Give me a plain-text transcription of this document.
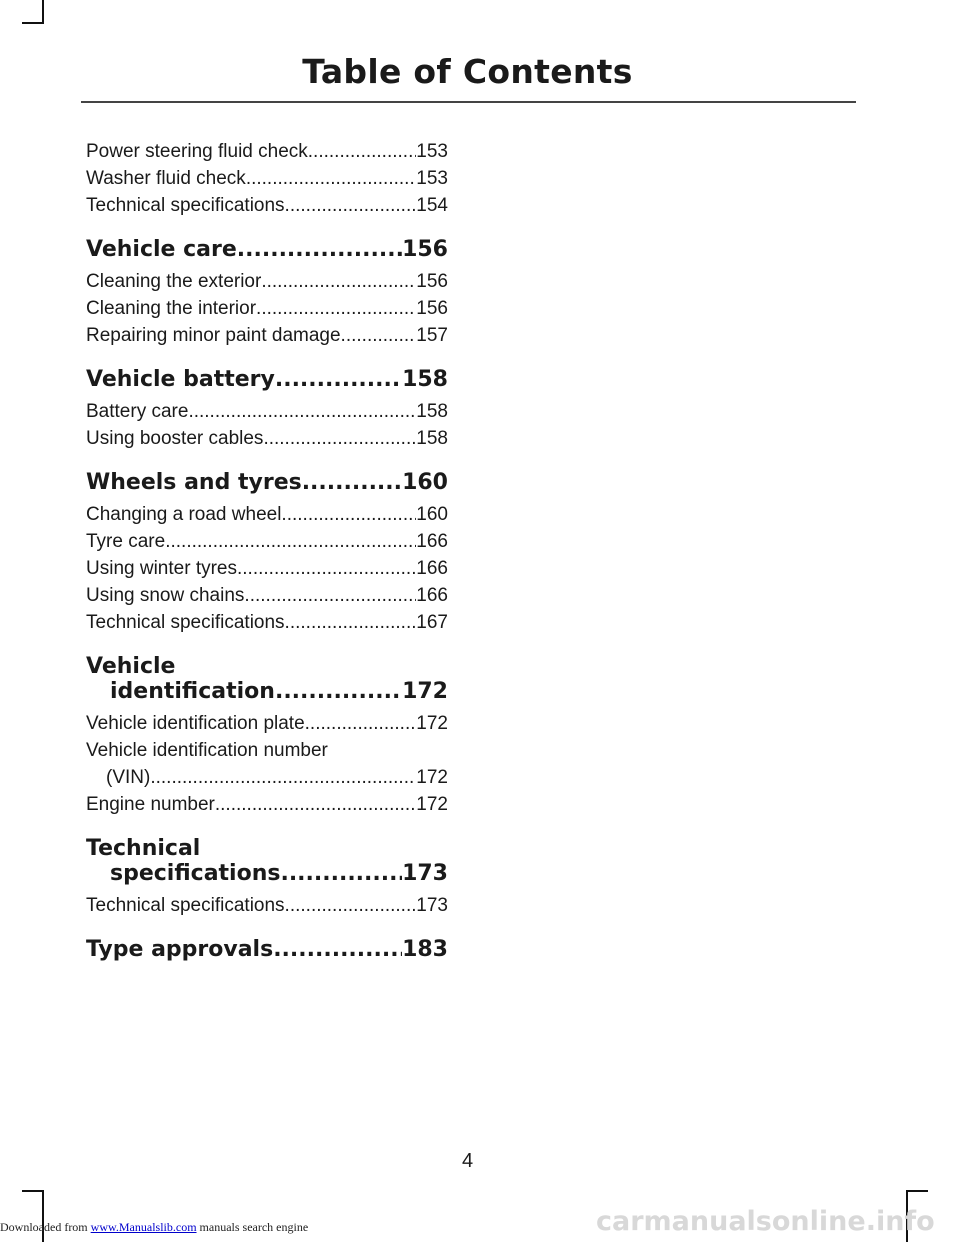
Table of Contents
Power steering fluid check .....	153
Washer fluid check .....	153
Technical specifications .....	154
Vehicle care .....	156
Cleaning the exterior .....	156
Cleaning the interior .....	156
Repairing minor paint damage .....	157
Vehicle battery .....	158
Battery care .....	158
Using booster cables .....	158
Wheels and tyres .....	160
Changing a road wheel .....	160
Tyre care .....	166
Using winter tyres .....	166
Using snow chains .....	166
Technical specifications .....	167
Vehicle
identification .....	172
Vehicle identification plate .....	172
Vehicle identification number
(VIN) .....	172
Engine number .....	172
Technical
specifications .....	173
Technical specifications .....	173
Type approvals .....	183
4
carmanualsonline.info
Downloaded from www.Manualslib.com manuals search engine
